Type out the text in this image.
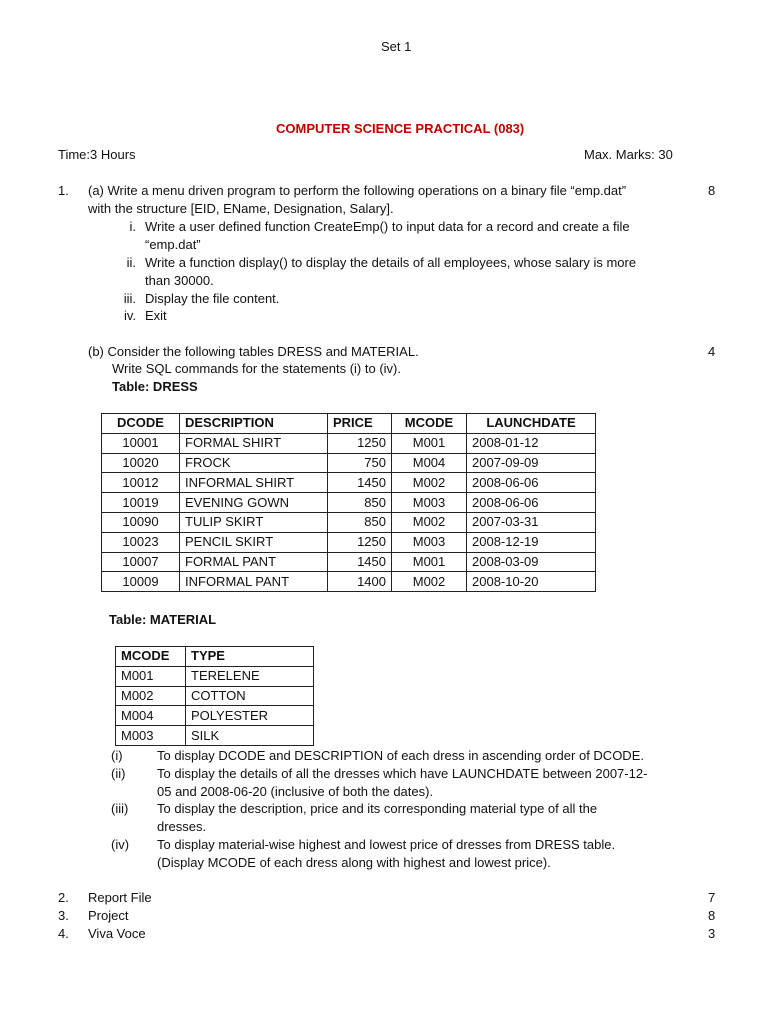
Set 1
COMPUTER SCIENCE PRACTICAL (083)
Time:3 Hours	Max. Marks: 30
1. (a) Write a menu driven program to perform the following operations on a binary file “emp.dat”	8
with the structure [EID, EName, Designation, Salary].
i. Write a user defined function CreateEmp() to input data for a record and create a file
“emp.dat”
ii. Write a function display() to display the details of all employees, whose salary is more
than 30000.
iii. Display the file content.
iv. Exit
(b) Consider the following tables DRESS and MATERIAL.	4
Write SQL commands for the statements (i) to (iv).
Table: DRESS
DCODE	DESCRIPTION	PRICE	MCODE	LAUNCHDATE
10001	FORMAL SHIRT	1250	M001	2008-01-12
10020	FROCK	750	M004	2007-09-09
10012	INFORMAL SHIRT	1450	M002	2008-06-06
10019	EVENING GOWN	850	M003	2008-06-06
10090	TULIP SKIRT	850	M002	2007-03-31
10023	PENCIL SKIRT	1250	M003	2008-12-19
10007	FORMAL PANT	1450	M001	2008-03-09
10009	INFORMAL PANT	1400	M002	2008-10-20
Table: MATERIAL
MCODE	TYPE
M001	TERELENE
M002	COTTON
M004	POLYESTER
M003	SILK
(i)	To display DCODE and DESCRIPTION of each dress in ascending order of DCODE.
(ii) To display the details of all the dresses which have LAUNCHDATE between 2007-12-
05 and 2008-06-20 (inclusive of both the dates).
(iii) To display the description, price and its corresponding material type of all the
dresses.
(iv) To display material-wise highest and lowest price of dresses from DRESS table.
(Display MCODE of each dress along with highest and lowest price).
2. Report File	7
3. Project	8
4. Viva Voce	3
